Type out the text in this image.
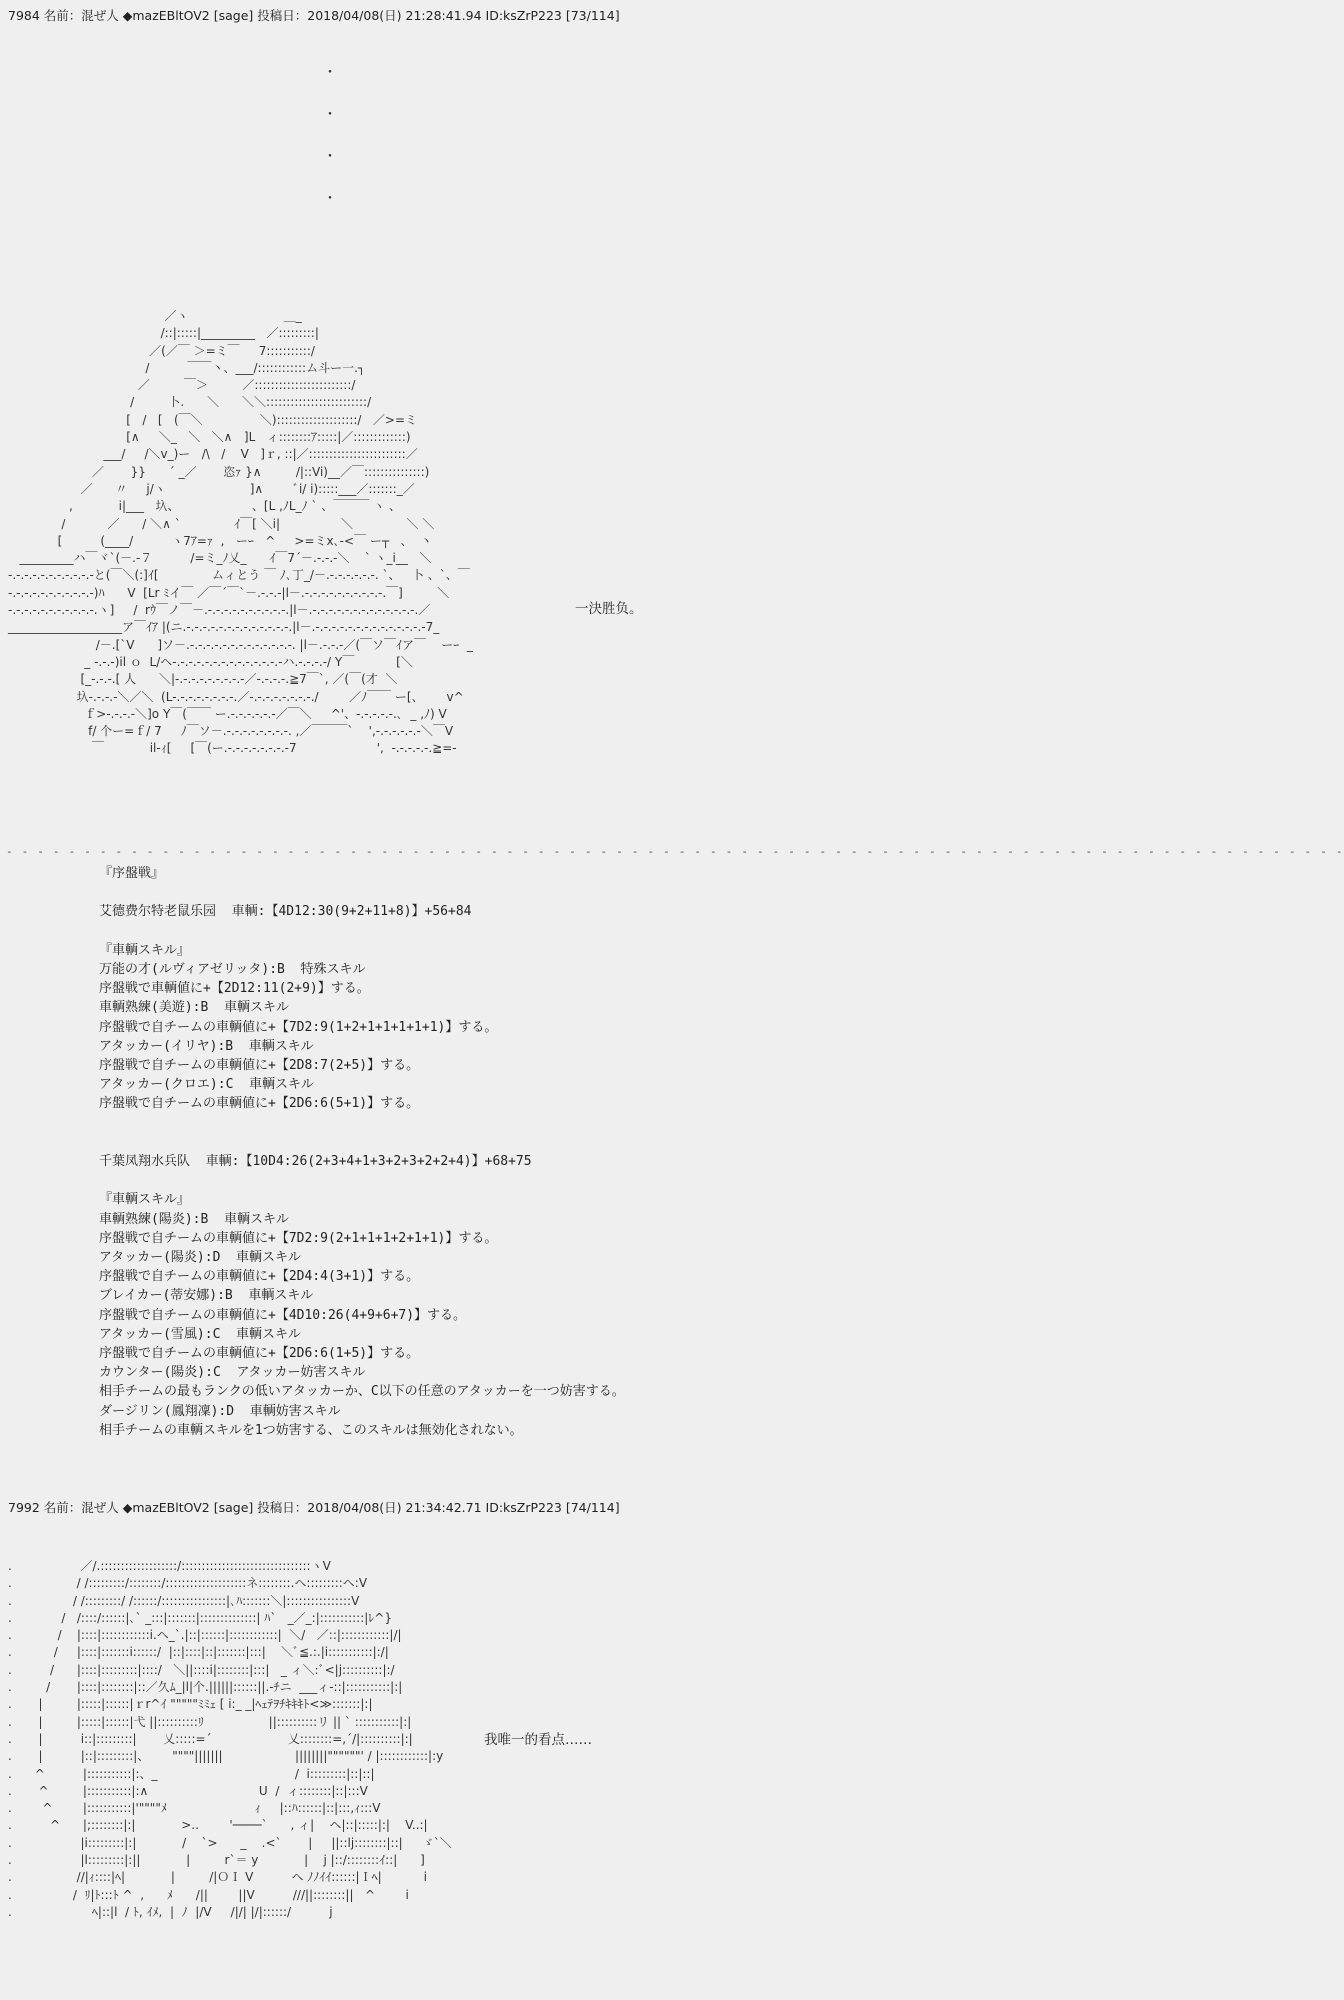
7984 名前：混ぜ人 ◆mazEBltOV2 [sage] 投稿日：2018/04/08(日) 21:28:41.94 ID:ksZrP223 [73/114]
・
・
・
・
／ヽ                         ＿_
/::|:::::|_________   ／:::::::::|
／(／￣ ＞=ミ￣     7:::::::::::/
/          ￣￣丶、___/::::::::::::ム斗ー一.┐
／         ￣＞         ／::::::::::::::::::::::::/
/         卜.      ＼      ＼＼:::::::::::::::::::::::::/
[   /   [   (￣＼               ＼)::::::::::::::::::::/   ／>=ミ
[∧     ＼_   ＼   ＼∧   ]L   ィ::::::::ｱ:::::|／:::::::::::::)
___/     /＼v_)ー   /\   /    V   ]ｒ, ::|／::::::::::::::::::::::::／
／       }}      ´ _／       恣ｧ }∧         /|::Vi)__／￣:::::::::::::::)
／      〃     j/ヽ                      ]∧        ﾞi/ i):::::___／:::::::_／
,            i|___   圦、                   、[L ,ﾉL_ﾉ ` 、￣￣￣ ヽ 、
/           ／      / ＼∧ `              ｲ￣[ ＼i|                ＼              ＼ ＼
[          (____/          ヽ7ｱ=ｧ  ,   ーｰ   ^     >=ミx､-<￣ ー┬   、  丶
_________ハ￣ヾ`(－.-７          /=ミ_ﾉ乂_      ｲ￣7´－.-.-.-＼    ` ヽ_i__   ＼
-.-.-.-.-.-.-.-.-.-.-と(￣＼(:]ｲ[              ムィとう ￣ ﾉ､丁_/－.-.-.-.-.-.-. `、   卜 、`、￣
-.-.-.-.-.-.-.-.-.-.-)ﾊ      V  [Lr ﾐイ￣ ／￣´￣`－.-.-.-|l－.-.-.-.-.-.-.-.-.-.-.￣]         ＼
-.-.-.-.-.-.-.-.-.-.-.ヽ]     /  rｳ￣ノ￣－.-.-.-.-.-.-.-.-.-.-.|l－.-.-.-.-.-.-.-.-.-.-.-.-.-.／
___________________ア￣ｲｱ |(ニ.-.-.-.-.-.-.-.-.-.-.-.-.-.|l－.-.-.-.-.-.-.-.-.-.-.-.-.-.-7_
/－.[`V      ]ソ－.-.-.-.-.-.-.-.-.-.-.-.-.-. |l－.-.-.-／(￣ソ￣ｲア￣    ーｰ  _
_ -.-.-)il ｏ  L/ヘ-.-.-.-.-.-.-.-.-.-.-.-.-.-ハ.-.-.-.-/ Y￣           [＼
[_-.-.-.[ 人      ＼|-.-.-.-.-.-.-.-.-／-.-.-.-.≧7￣`, ／(￣(才  ＼
圦-.-.-.-＼／＼  (L-.-.-.-.-.-.-.-.／-.-.-.-.-.-.-.-./        ／ﾉ￣￣ ー[、      v^
ｆ>-.-.-.-＼]o Y￣(￣￣ ー.-.-.-.-.-.-／￣＼     ^'、-.-.-.-.-.､  _ ,ﾉ) V
f/ 个ー=ｆ/ 7     ﾉ￣ソ－.-.-.-.-.-.-.-.-. ,／￣￣￣`    ',-.-.-.-.-.-＼￣V
￣            il-ｨ[     [￣(ー.-.-.-.-.-.-.-.-7                     ',  -.-.-.-.-.≧=-
一決胜负。
- - - - - - - - - - - - - - - - - - - - - - - - - - - - - - - - - - - - - - - - - - - - - - - - - - - - - - - - - - - - - - - - - - - - - - - - - - - - - - - - - - - - - -
『序盤戦』

艾德费尔特老鼠乐园  車輌:【4D12:30(9+2+11+8)】+56+84

『車輌スキル』
万能の才(ルヴィアゼリッタ):B  特殊スキル
序盤戦で車輌値に+【2D12:11(2+9)】する。
車輌熟練(美遊):B  車輌スキル
序盤戦で自チームの車輌値に+【7D2:9(1+2+1+1+1+1+1)】する。
アタッカー(イリヤ):B  車輌スキル
序盤戦で自チームの車輌値に+【2D8:7(2+5)】する。
アタッカー(クロエ):C  車輌スキル
序盤戦で自チームの車輌値に+【2D6:6(5+1)】する。

千葉凤翔水兵队  車輌:【10D4:26(2+3+4+1+3+2+3+2+2+4)】+68+75

『車輌スキル』
車輌熟練(陽炎):B  車輌スキル
序盤戦で自チームの車輌値に+【7D2:9(2+1+1+1+2+1+1)】する。
アタッカー(陽炎):D  車輌スキル
序盤戦で自チームの車輌値に+【2D4:4(3+1)】する。
ブレイカー(蒂安娜):B  車輌スキル
序盤戦で自チームの車輌値に+【4D10:26(4+9+6+7)】する。
アタッカー(雪風):C  車輌スキル
序盤戦で自チームの車輌値に+【2D6:6(1+5)】する。
カウンター(陽炎):C  アタッカー妨害スキル
相手チームの最もランクの低いアタッカーか、C以下の任意のアタッカーを一つ妨害する。
ダージリン(鳳翔凜):D  車輌妨害スキル
相手チームの車輌スキルを1つ妨害する、このスキルは無効化されない。
7992 名前：混ぜ人 ◆mazEBltOV2 [sage] 投稿日：2018/04/08(日) 21:34:42.71 ID:ksZrP223 [74/114]
.                  ／/.:::::::::::::::::::/::::::::::::::::::::::::::::::::ヽV
.                 / /:::::::::/::::::::/::::::::::::::::::::ネ::::::::.ヘ:::::::::ヘ:V
.                / /:::::::::/ /::::::/::::::::::::::::|､ﾊ:::::::＼|::::::::::::::::V
.             /   /::::/::::::|､` _:::|:::::::|::::::::::::::| ﾊ`   _／_:|:::::::::::|ﾚ^}
.            /    |::::|::::::::::::i.ヘ_`.|::|::::::|::::::::::::|  ＼/   ／::|::::::::::::|/|
.           /     |::::|:::::::i::::::/  |::|::::|::|:::::::|:::|    ＼ﾞ≦.:.|i:::::::::::|:/|
.          /      |::::|:::::::::|::::/   ＼||::::i|::::::::|:::|   _ ィ＼:ﾞ<|j::::::::::|:/
.         /       |::::|::::::::|::／久ﾑ_|l|个.||||||::::::||.-ﾁニ  ___ィ-::|:::::::::::|:|
.       |         |:::::|::::::|ｒr^ｲ """""ﾐﾐｪ [ i:_ _|ﾍｪﾃｦﾁｷｷｷﾄ<≫:::::::|:|
.       |         |:::::|::::::|弋 ||::::::::::ﾘ                 ||::::::::::リ || ` :::::::::::|:|
.       |          i::|:::::::::|       乂:::::=´                    乂::::::::=,´/|::::::::::|:|
.       |          |::|:::::::::|、      """"|||||||                   ||||||||""""""' / |::::::::::::|:y
.      ^          |:::::::::::|:、_                                    /  i:::::::::|::|::|
.       ^         |:::::::::::|:∧                             U  /  ィ::::::::|::|:::V
.        ^        |:::::::::::|'""""ﾒ                       ｨ     |::ﾊ::::::|::|:::,ｨ:::V
.          ^      |;::::::::|:|            >..        '────`      , ィ|    ヘ|::|:::::|:|    V..:|
.                  |i:::::::::|:|            /    `>      _    .<`       |     ||::lj::::::::|::|     ゞ`＼
.                  |l:::::::::|:||            |         r`＝ y            |    j |::/::::::::ｲ::|      ]
.                 //|ｨ::::|ﾍ|            |         /|ＯＩ V          ヘ ﾉﾉｲｲ::::::|Ｉﾍ|           i
.                /  ﾘ|ﾄ:::ﾄ ^  ,      ﾒ      /||        ||V          ///||::::::::||   ^        i
.                     ﾍ|::|l  / ﾄ, ｲﾒ,  |  ﾉ  |/V     /|/| |/|::::::/          j
我唯一的看点……
